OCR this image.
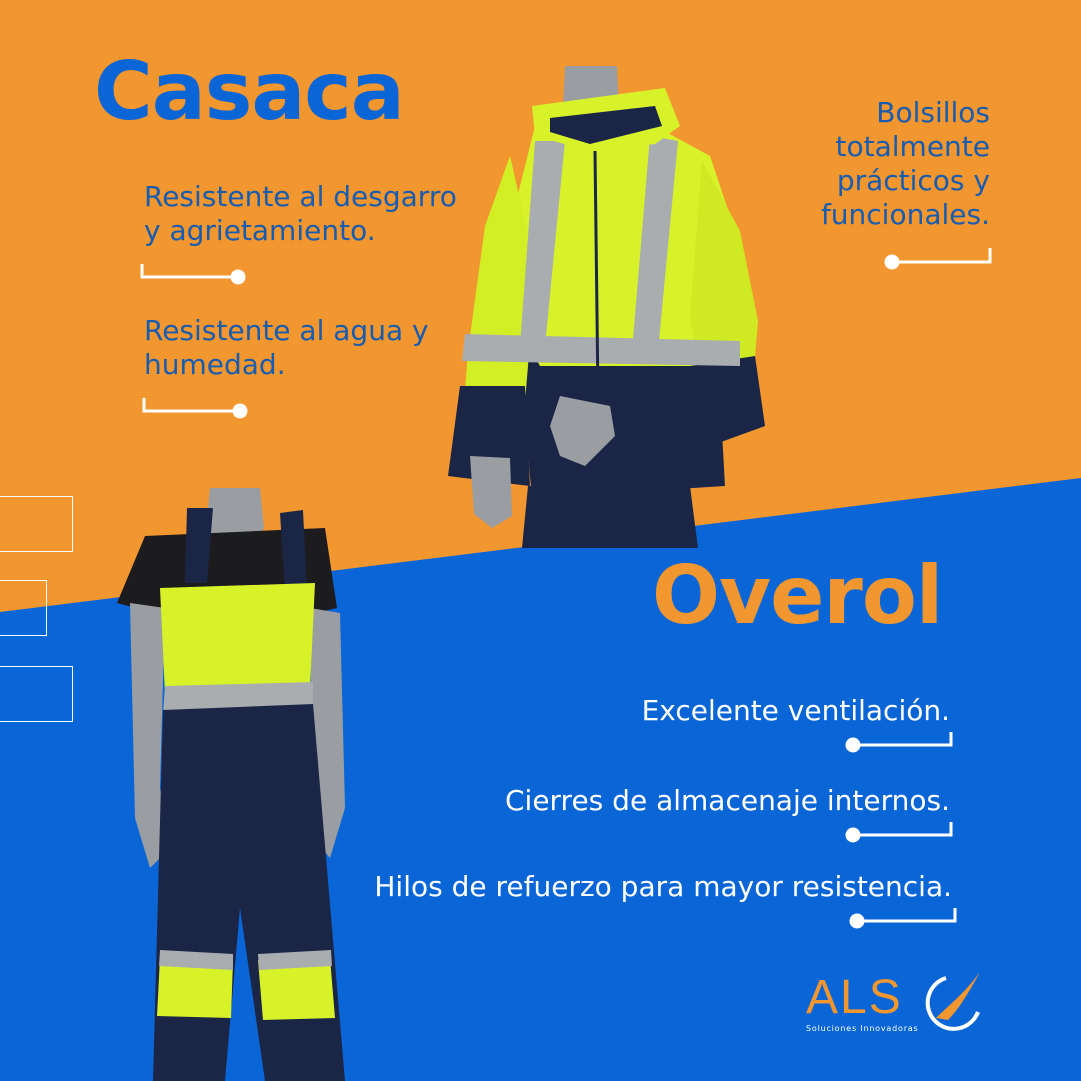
Casaca
Overol

Resistente al desgarro y agrietamiento.

Resistente al agua y humedad.

Bolsillos totalmente prácticos y funcionales.

Excelente ventilación.

Cierres de almacenaje internos.

Hilos de refuerzo para mayor resistencia.

ALS
Soluciones Innovadoras
